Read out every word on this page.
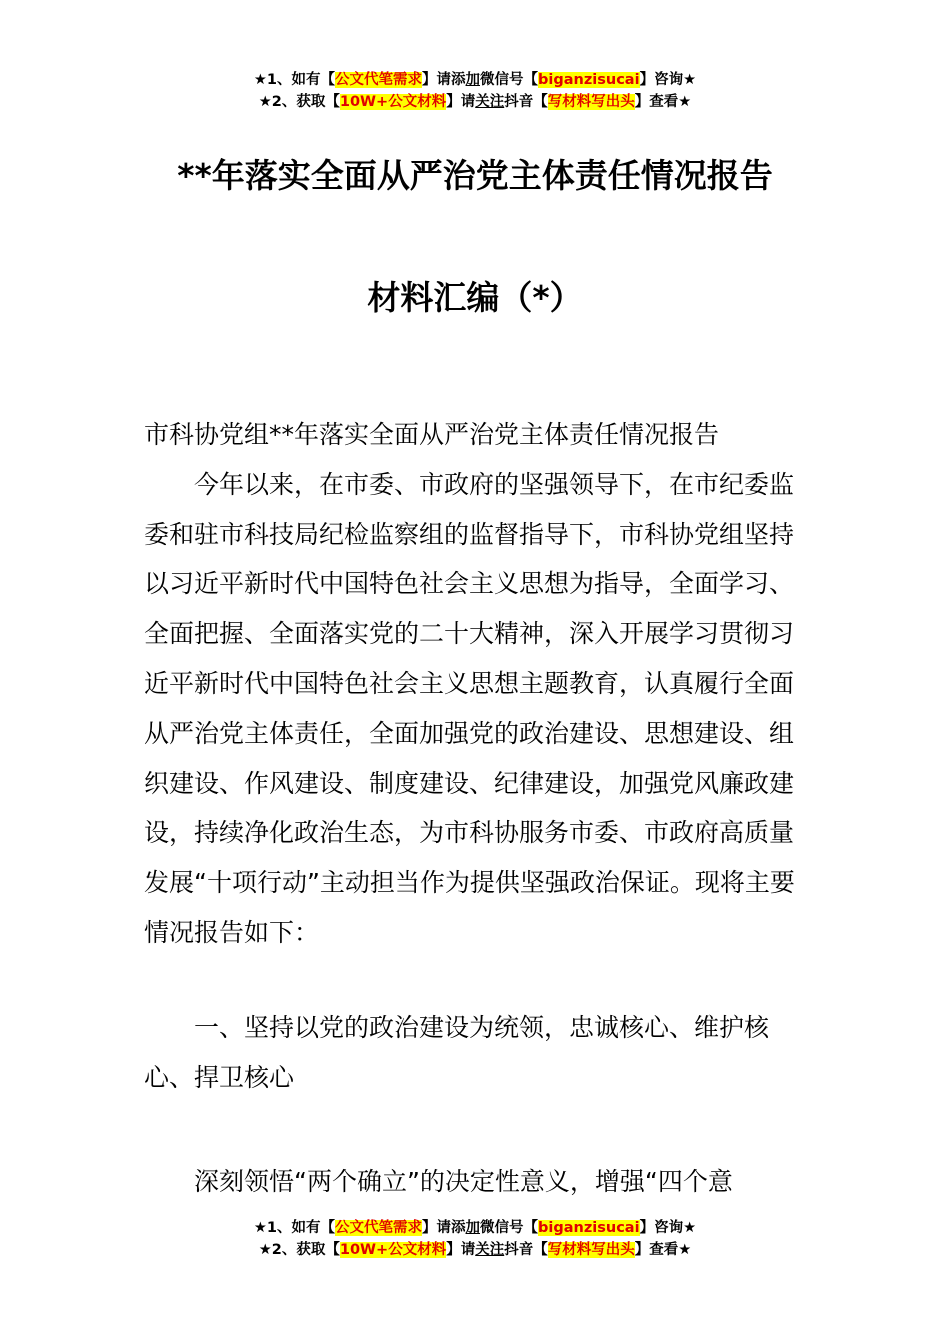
★1、如有【公文代笔需求】请添加微信号【biganzisucai】咨询★
★2、获取【10W+公文材料】请关注抖音【写材料写出头】查看★
**年落实全面从严治党主体责任情况报告
材料汇编（*）

市科协党组**年落实全面从严治党主体责任情况报告

今年以来，在市委、市政府的坚强领导下，在市纪委监委和驻市科技局纪检监察组的监督指导下，市科协党组坚持以习近平新时代中国特色社会主义思想为指导，全面学习、全面把握、全面落实党的二十大精神，深入开展学习贯彻习近平新时代中国特色社会主义思想主题教育，认真履行全面从严治党主体责任，全面加强党的政治建设、思想建设、组织建设、作风建设、制度建设、纪律建设，加强党风廉政建设，持续净化政治生态，为市科协服务市委、市政府高质量发展“十项行动”主动担当作为提供坚强政治保证。现将主要情况报告如下：

一、坚持以党的政治建设为统领，忠诚核心、维护核心、捍卫核心

深刻领悟“两个确立”的决定性意义，增强“四个意

★1、如有【公文代笔需求】请添加微信号【biganzisucai】咨询★
★2、获取【10W+公文材料】请关注抖音【写材料写出头】查看★
